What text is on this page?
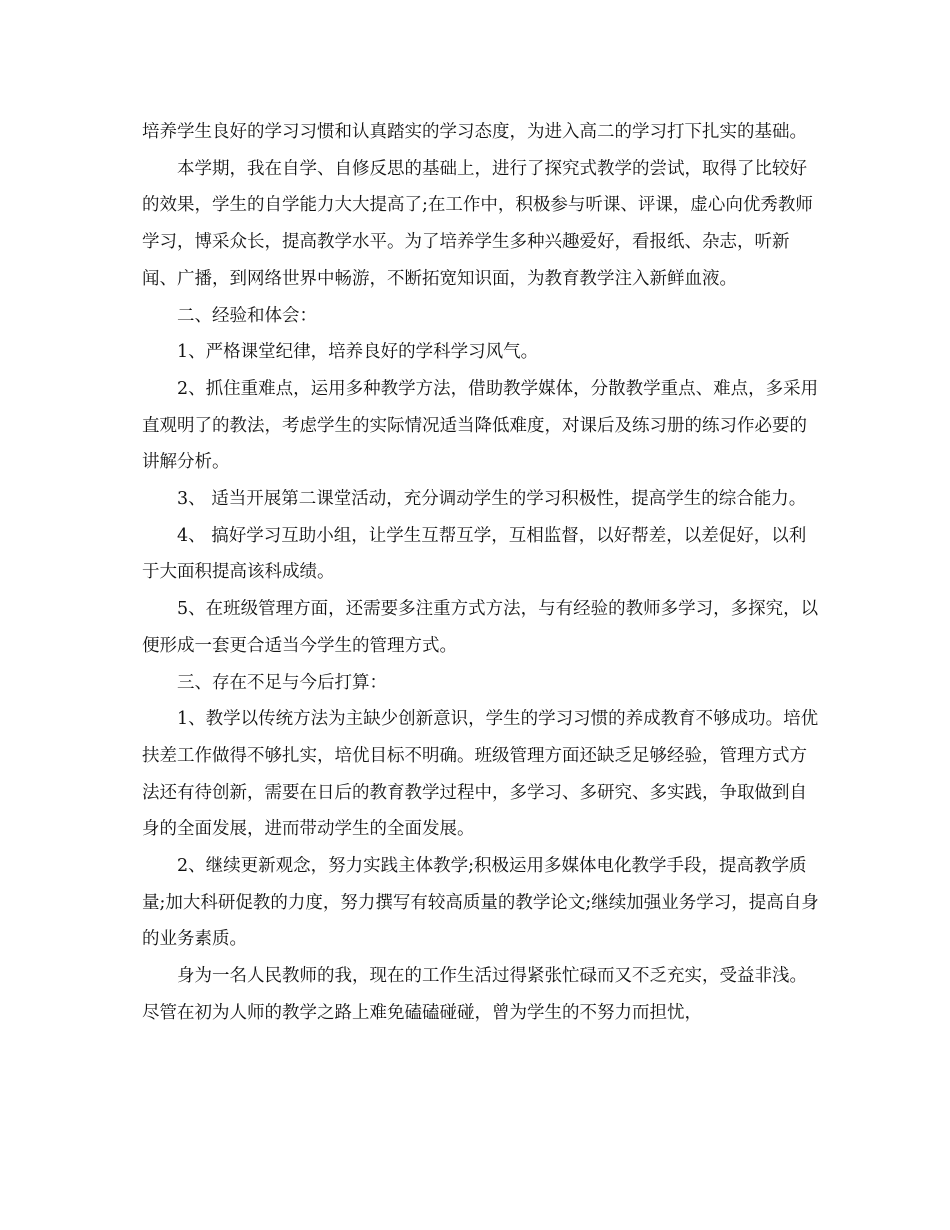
培养学生良好的学习习惯和认真踏实的学习态度，为进入高二的学习打下扎实的基础。

本学期，我在自学、自修反思的基础上，进行了探究式教学的尝试，取得了比较好的效果，学生的自学能力大大提高了;在工作中，积极参与听课、评课，虚心向优秀教师学习，博采众长，提高教学水平。为了培养学生多种兴趣爱好，看报纸、杂志，听新闻、广播，到网络世界中畅游，不断拓宽知识面，为教育教学注入新鲜血液。

二、经验和体会：

1、严格课堂纪律，培养良好的学科学习风气。

2、抓住重难点，运用多种教学方法，借助教学媒体，分散教学重点、难点，多采用直观明了的教法，考虑学生的实际情况适当降低难度，对课后及练习册的练习作必要的讲解分析。

3、 适当开展第二课堂活动，充分调动学生的学习积极性，提高学生的综合能力。

4、 搞好学习互助小组，让学生互帮互学，互相监督，以好帮差，以差促好，以利于大面积提高该科成绩。

5、在班级管理方面，还需要多注重方式方法，与有经验的教师多学习，多探究，以便形成一套更合适当今学生的管理方式。

三、存在不足与今后打算：

1、教学以传统方法为主缺少创新意识，学生的学习习惯的养成教育不够成功。培优扶差工作做得不够扎实，培优目标不明确。班级管理方面还缺乏足够经验，管理方式方法还有待创新，需要在日后的教育教学过程中，多学习、多研究、多实践，争取做到自身的全面发展，进而带动学生的全面发展。

2、继续更新观念，努力实践主体教学;积极运用多媒体电化教学手段，提高教学质量;加大科研促教的力度，努力撰写有较高质量的教学论文;继续加强业务学习，提高自身的业务素质。

身为一名人民教师的我，现在的工作生活过得紧张忙碌而又不乏充实，受益非浅。尽管在初为人师的教学之路上难免磕磕碰碰，曾为学生的不努力而担忧，
